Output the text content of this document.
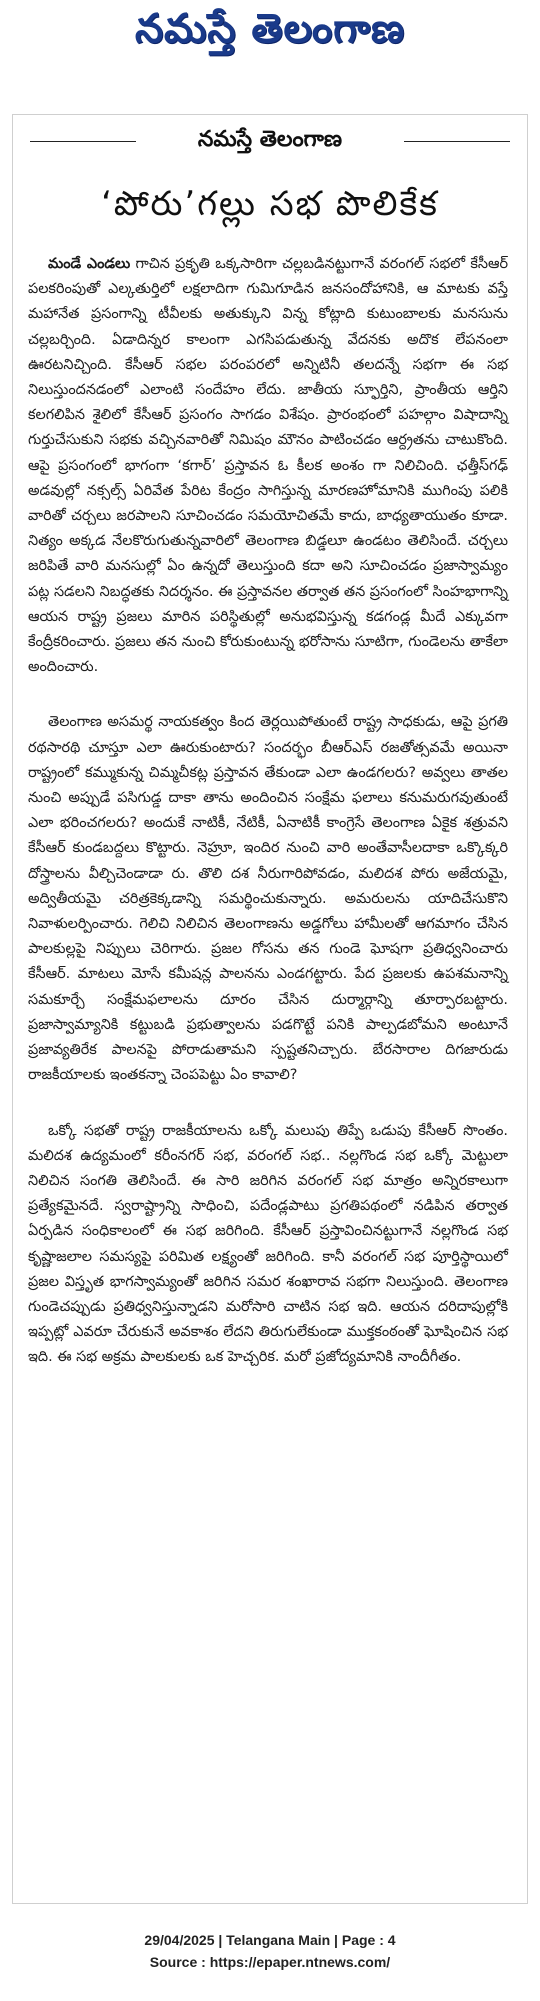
నమస్తే తెలంగాణ
నమస్తే తెలంగాణ
‘పోరు’గల్లు సభ పొలికేక

మండే ఎండలు గాచిన ప్రకృతి ఒక్కసారిగా చల్లబడినట్టుగానే వరంగల్ సభలో కేసీఆర్ పలకరింపుతో ఎల్కతుర్తిలో లక్షలాదిగా గుమిగూడిన జనసందోహానికి, ఆ మాటకు వస్తే మహానేత ప్రసంగాన్ని టీవీలకు అతుక్కుని విన్న కోట్లాది కుటుంబాలకు మనసును చల్లబర్చింది. ఏడాదిన్నర కాలంగా ఎగసిపడుతున్న వేదనకు అదొక లేపనంలా ఊరటనిచ్చింది. కేసీఆర్ సభల పరంపరలో అన్నిటినీ తలదన్నే సభగా ఈ సభ నిలుస్తుందనడంలో ఎలాంటి సందేహం లేదు. జాతీయ స్ఫూర్తిని, ప్రాంతీయ ఆర్తిని కలగలిపిన శైలిలో కేసీఆర్ ప్రసంగం సాగడం విశేషం. ప్రారంభంలో పహల్గాం విషాదాన్ని గుర్తుచేసుకుని సభకు వచ్చినవారితో నిమిషం మౌనం పాటించడం ఆర్ద్రతను చాటుకొంది. ఆపై ప్రసంగంలో భాగంగా ‘కగార్’ ప్రస్తావన ఓ కీలక అంశం గా నిలిచింది. ఛత్తీస్‌గఢ్ అడవుల్లో నక్సల్స్ ఏరివేత పేరిట కేంద్రం సాగిస్తున్న మారణహోమానికి ముగింపు పలికి వారితో చర్చలు జరపాలని సూచించడం సమయోచితమే కాదు, బాధ్యతాయుతం కూడా. నిత్యం అక్కడ నేలకొరుగుతున్నవారిలో తెలంగాణ బిడ్డలూ ఉండటం తెలిసిందే. చర్చలు జరిపితే వారి మనసుల్లో ఏం ఉన్నదో తెలుస్తుంది కదా అని సూచించడం ప్రజాస్వామ్యం పట్ల సడలని నిబద్ధతకు నిదర్శనం. ఈ ప్రస్తావనల తర్వాత తన ప్రసంగంలో సింహభాగాన్ని ఆయన రాష్ట్ర ప్రజలు మారిన పరిస్థితుల్లో అనుభవిస్తున్న కడగండ్ల మీదే ఎక్కువగా కేంద్రీకరించారు. ప్రజలు తన నుంచి కోరుకుంటున్న భరోసాను సూటిగా, గుండెలను తాకేలా అందించారు.

తెలంగాణ అసమర్థ నాయకత్వం కింద తెర్లయిపోతుంటే రాష్ట్ర సాధకుడు, ఆపై ప్రగతి రథసారథి చూస్తూ ఎలా ఊరుకుంటారు? సందర్భం బీఆర్‌ఎస్ రజతోత్సవమే అయినా రాష్ట్రంలో కమ్ముకున్న చిమ్మచీకట్ల ప్రస్తావన తేకుండా ఎలా ఉండగలరు? అవ్వలు తాతల నుంచి అప్పుడే పసిగుడ్డ దాకా తాను అందించిన సంక్షేమ ఫలాలు కనుమరుగవుతుంటే ఎలా భరించగలరు? అందుకే నాటికీ, నేటికీ, ఏనాటికీ కాంగ్రెసే తెలంగాణ ఏకైక శత్రువని కేసీఆర్ కుండబద్దలు కొట్టారు. నెహ్రూ, ఇందిర నుంచి వారి అంతేవాసీలదాకా ఒక్కొక్కరి దోస్త్రాలను వీల్చిచెండాడా రు. తొలి దశ నీరుగారిపోవడం, మలిదశ పోరు అజేయమై, అద్వితీయమై చరిత్రకెక్కడాన్ని సమర్థించుకున్నారు. అమరులను యాదిచేసుకొని నివాళులర్పించారు. గెలిచి నిలిచిన తెలంగాణను అడ్డగోలు హామీలతో ఆగమాగం చేసిన పాలకుల్లపై నిప్పులు చెరిగారు. ప్రజల గోసను తన గుండె ఘోషగా ప్రతిధ్వనించారు కేసీఆర్. మాటలు మోసే కమీషన్ల పాలనను ఎండగట్టారు. పేద ప్రజలకు ఉపశమనాన్ని సమకూర్చే సంక్షేమఫలాలను దూరం చేసిన దుర్మార్గాన్ని తూర్పారబట్టారు. ప్రజాస్వామ్యానికి కట్టుబడి ప్రభుత్వాలను పడగొట్టే పనికి పాల్పడబోమని అంటూనే ప్రజావ్యతిరేక పాలనపై పోరాడుతామని స్పష్టతనిచ్చారు. బేరసారాల దిగజారుడు రాజకీయాలకు ఇంతకన్నా చెంపపెట్టు ఏం కావాలి?

ఒక్కో సభతో రాష్ట్ర రాజకీయాలను ఒక్కో మలుపు తిప్పే ఒడుపు కేసీఆర్ సొంతం. మలిదశ ఉద్యమంలో కరీంనగర్ సభ, వరంగల్ సభ.. నల్లగొండ సభ ఒక్కో మెట్టులా నిలిచిన సంగతి తెలిసిందే. ఈ సారి జరిగిన వరంగల్ సభ మాత్రం అన్నిరకాలుగా ప్రత్యేకమైనదే. స్వరాష్ట్రాన్ని సాధించి, పదేండ్లపాటు ప్రగతిపథంలో నడిపిన తర్వాత ఏర్పడిన సంధికాలంలో ఈ సభ జరిగింది. కేసీఆర్ ప్రస్తావించినట్టుగానే నల్లగొండ సభ కృష్ణాజలాల సమస్యపై పరిమిత లక్ష్యంతో జరిగింది. కానీ వరంగల్ సభ పూర్తిస్థాయిలో ప్రజల విస్తృత భాగస్వామ్యంతో జరిగిన సమర శంఖారావ సభగా నిలుస్తుంది. తెలంగాణ గుండెచప్పుడు ప్రతిధ్వనిస్తున్నాడని మరోసారి చాటిన సభ ఇది. ఆయన దరిదాపుల్లోకి ఇప్పట్లో ఎవరూ చేరుకునే అవకాశం లేదని తిరుగులేకుండా ముక్తకంఠంతో ఘోషించిన సభ ఇది. ఈ సభ అక్రమ పాలకులకు ఒక హెచ్చరిక. మరో ప్రజోద్యమానికి నాందీగీతం.

29/04/2025 | Telangana Main | Page : 4
Source : https://epaper.ntnews.com/
